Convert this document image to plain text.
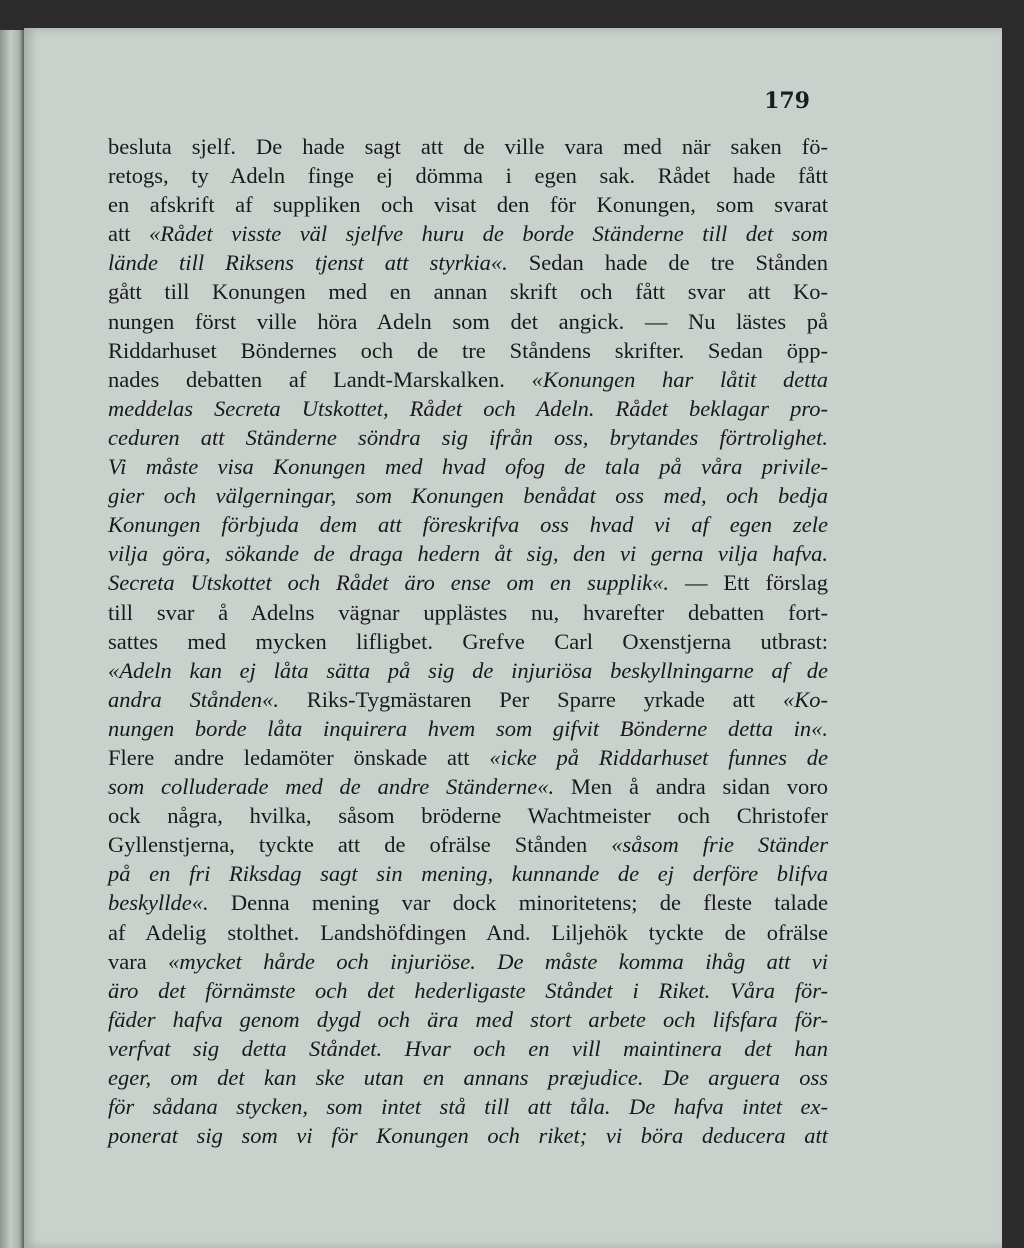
179
besluta sjelf. De hade sagt att de ville vara med när saken fö-
retogs, ty Adeln finge ej dömma i egen sak. Rådet hade fått
en afskrift af suppliken och visat den för Konungen, som svarat
att «Rådet visste väl sjelfve huru de borde Ständerne till det som
lände till Riksens tjenst att styrkia«. Sedan hade de tre Stånden
gått till Konungen med en annan skrift och fått svar att Ko-
nungen först ville höra Adeln som det angick. — Nu lästes på
Riddarhuset Böndernes och de tre Ståndens skrifter. Sedan öpp-
nades debatten af Landt-Marskalken. «Konungen har låtit detta
meddelas Secreta Utskottet, Rådet och Adeln. Rådet beklagar pro-
ceduren att Ständerne söndra sig ifrån oss, brytandes förtrolighet.
Vi måste visa Konungen med hvad ofog de tala på våra privile-
gier och välgerningar, som Konungen benådat oss med, och bedja
Konungen förbjuda dem att föreskrifva oss hvad vi af egen zele
vilja göra, sökande de draga hedern åt sig, den vi gerna vilja hafva.
Secreta Utskottet och Rådet äro ense om en supplik«. — Ett förslag
till svar å Adelns vägnar upplästes nu, hvarefter debatten fort-
sattes med mycken lifligbet. Grefve Carl Oxenstjerna utbrast:
«Adeln kan ej låta sätta på sig de injuriösa beskyllningarne af de
andra Stånden«. Riks-Tygmästaren Per Sparre yrkade att «Ko-
nungen borde låta inquirera hvem som gifvit Bönderne detta in«.
Flere andre ledamöter önskade att «icke på Riddarhuset funnes de
som colluderade med de andre Ständerne«. Men å andra sidan voro
ock några, hvilka, såsom bröderne Wachtmeister och Christofer
Gyllenstjerna, tyckte att de ofrälse Stånden «såsom frie Ständer
på en fri Riksdag sagt sin mening, kunnande de ej derföre blifva
beskyllde«. Denna mening var dock minoritetens; de fleste talade
af Adelig stolthet. Landshöfdingen And. Liljehök tyckte de ofrälse
vara «mycket hårde och injuriöse. De måste komma ihåg att vi
äro det förnämste och det hederligaste Ståndet i Riket. Våra för-
fäder hafva genom dygd och ära med stort arbete och lifsfara för-
verfvat sig detta Ståndet. Hvar och en vill maintinera det han
eger, om det kan ske utan en annans præjudice. De arguera oss
för sådana stycken, som intet stå till att tåla. De hafva intet ex-
ponerat sig som vi för Konungen och riket; vi böra deducera att
